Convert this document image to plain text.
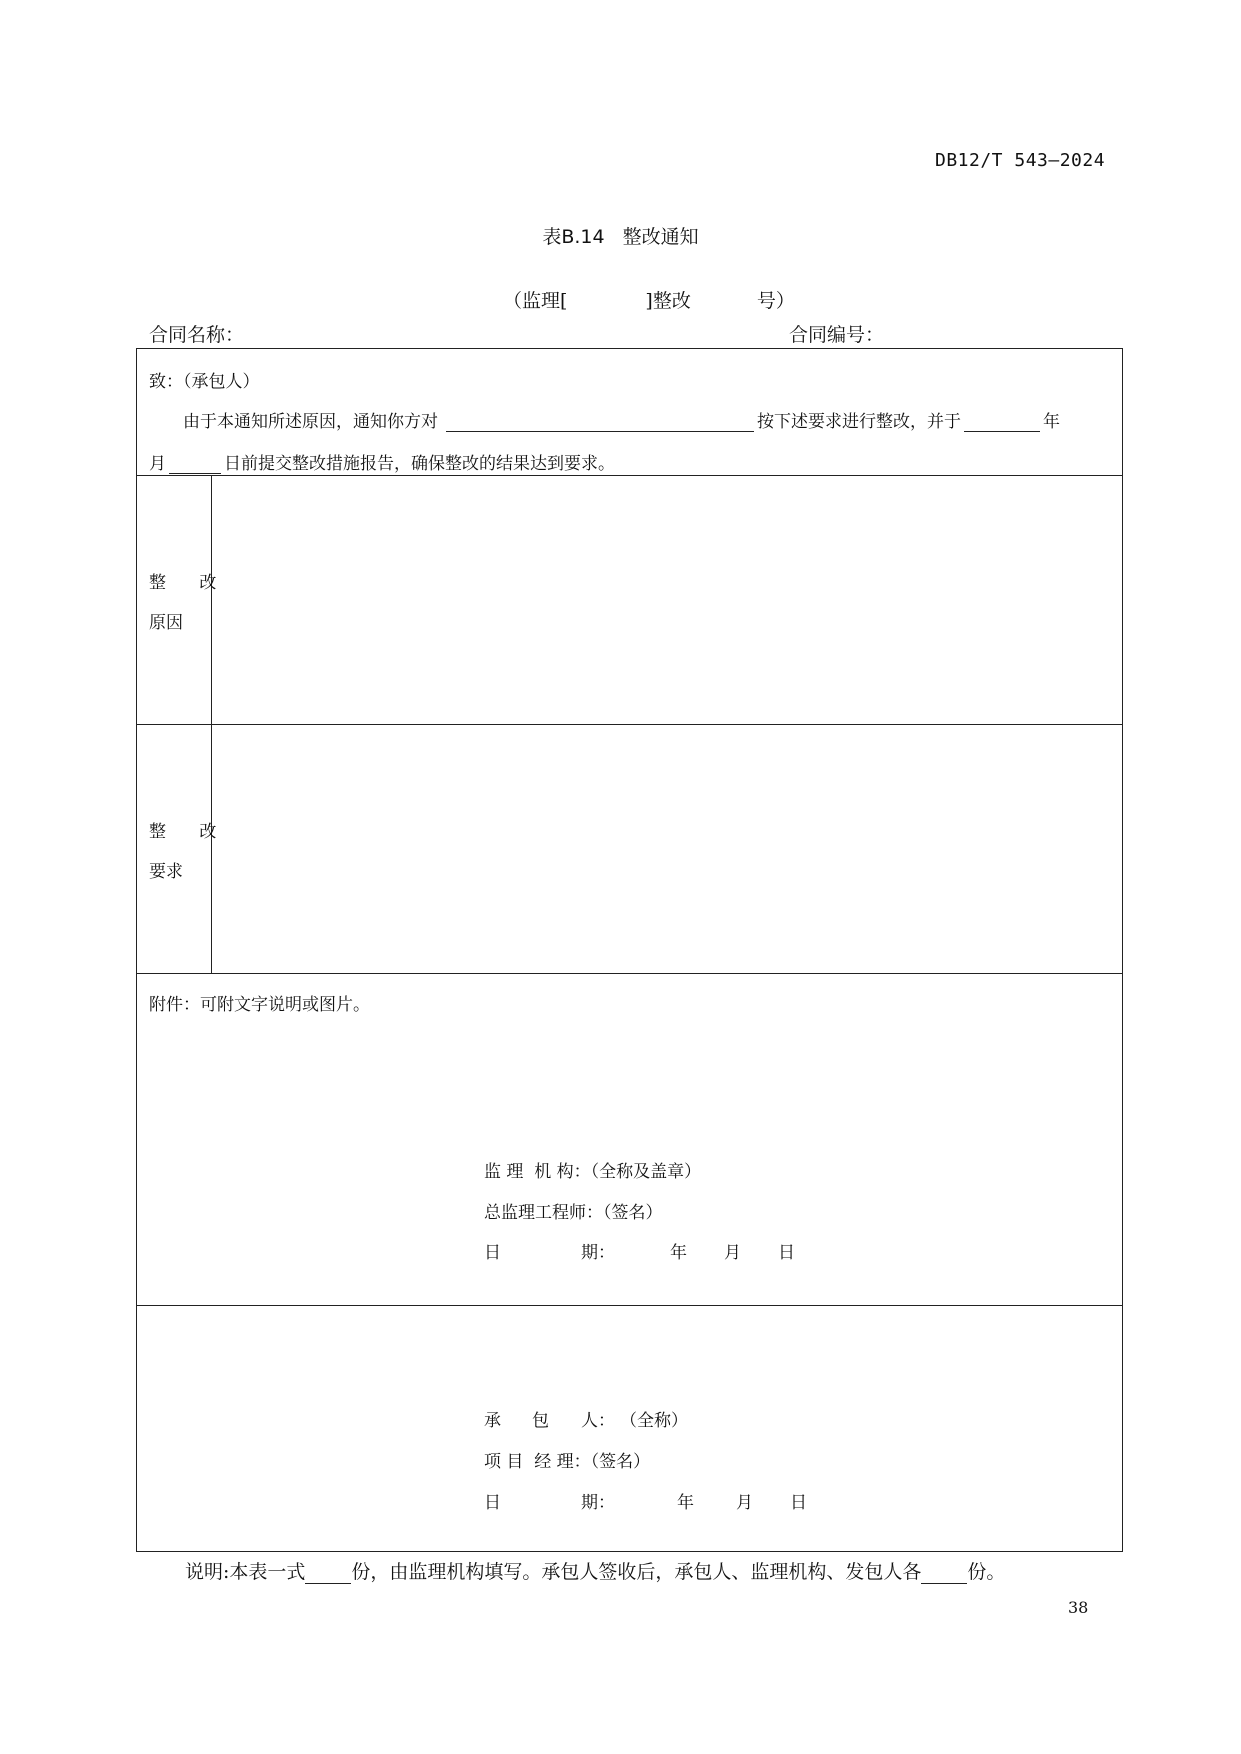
DB12/T 543—2024
表B.14 整改通知
（监理[	]整改	号）
合同名称：	合同编号：
致：（承包人）
由于本通知所述原因，通知你方对	按下述要求进行整改，并于	年
月	日前提交整改措施报告，确保整改的结果达到要求。
整 改
原因
整 改
要求
附件：可附文字说明或图片。
监 理  机 构：（全称及盖章）
总监理工程师：（签名）
日	期：	年 月 日
承 包 人： （全称）
项 目  经 理：（签名）
日	期：	年 月 日
说明:本表一式 份，由监理机构填写。承包人签收后，承包人、监理机构、发包人各 份。
38
